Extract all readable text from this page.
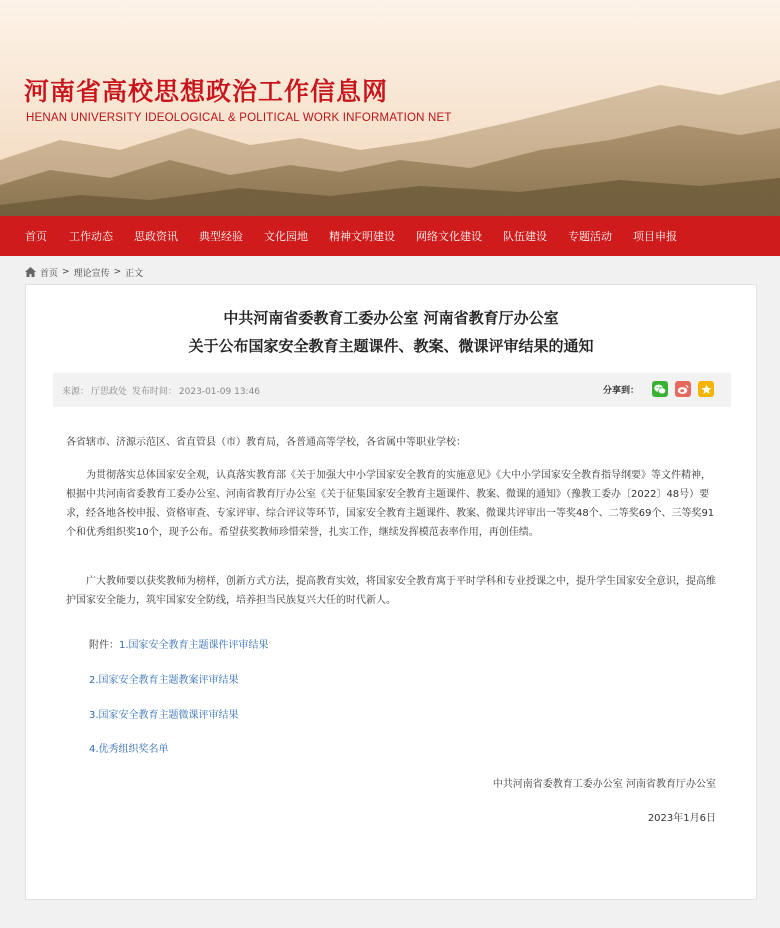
河南省高校思想政治工作信息网
HENAN UNIVERSITY IDEOLOGICAL & POLITICAL WORK INFORMATION NET
首页 工作动态 思政资讯 典型经验 文化园地 精神文明建设 网络文化建设 队伍建设 专题活动 项目申报
首页 > 理论宣传 > 正文
中共河南省委教育工委办公室 河南省教育厅办公室
关于公布国家安全教育主题课件、教案、微课评审结果的通知
来源： 厅思政处 发布时间： 2023-01-09 13:46	分享到：

各省辖市、济源示范区、省直管县（市）教育局，各普通高等学校，各省属中等职业学校：

为贯彻落实总体国家安全观，认真落实教育部《关于加强大中小学国家安全教育的实施意见》《大中小学国家安全教育指导纲要》等文件精神，根据中共河南省委教育工委办公室、河南省教育厅办公室《关于征集国家安全教育主题课件、教案、微课的通知》（豫教工委办〔2022〕48号）要求，经各地各校申报、资格审查、专家评审、综合评议等环节，国家安全教育主题课件、教案、微课共评审出一等奖48个、二等奖69个、三等奖91个和优秀组织奖10个，现予公布。希望获奖教师珍惜荣誉，扎实工作，继续发挥模范表率作用，再创佳绩。

广大教师要以获奖教师为榜样，创新方式方法，提高教育实效，将国家安全教育寓于平时学科和专业授课之中，提升学生国家安全意识，提高维护国家安全能力，筑牢国家安全防线，培养担当民族复兴大任的时代新人。

附件：1.国家安全教育主题课件评审结果
2.国家安全教育主题教案评审结果
3.国家安全教育主题微课评审结果
4.优秀组织奖名单
中共河南省委教育工委办公室 河南省教育厅办公室
2023年1月6日
